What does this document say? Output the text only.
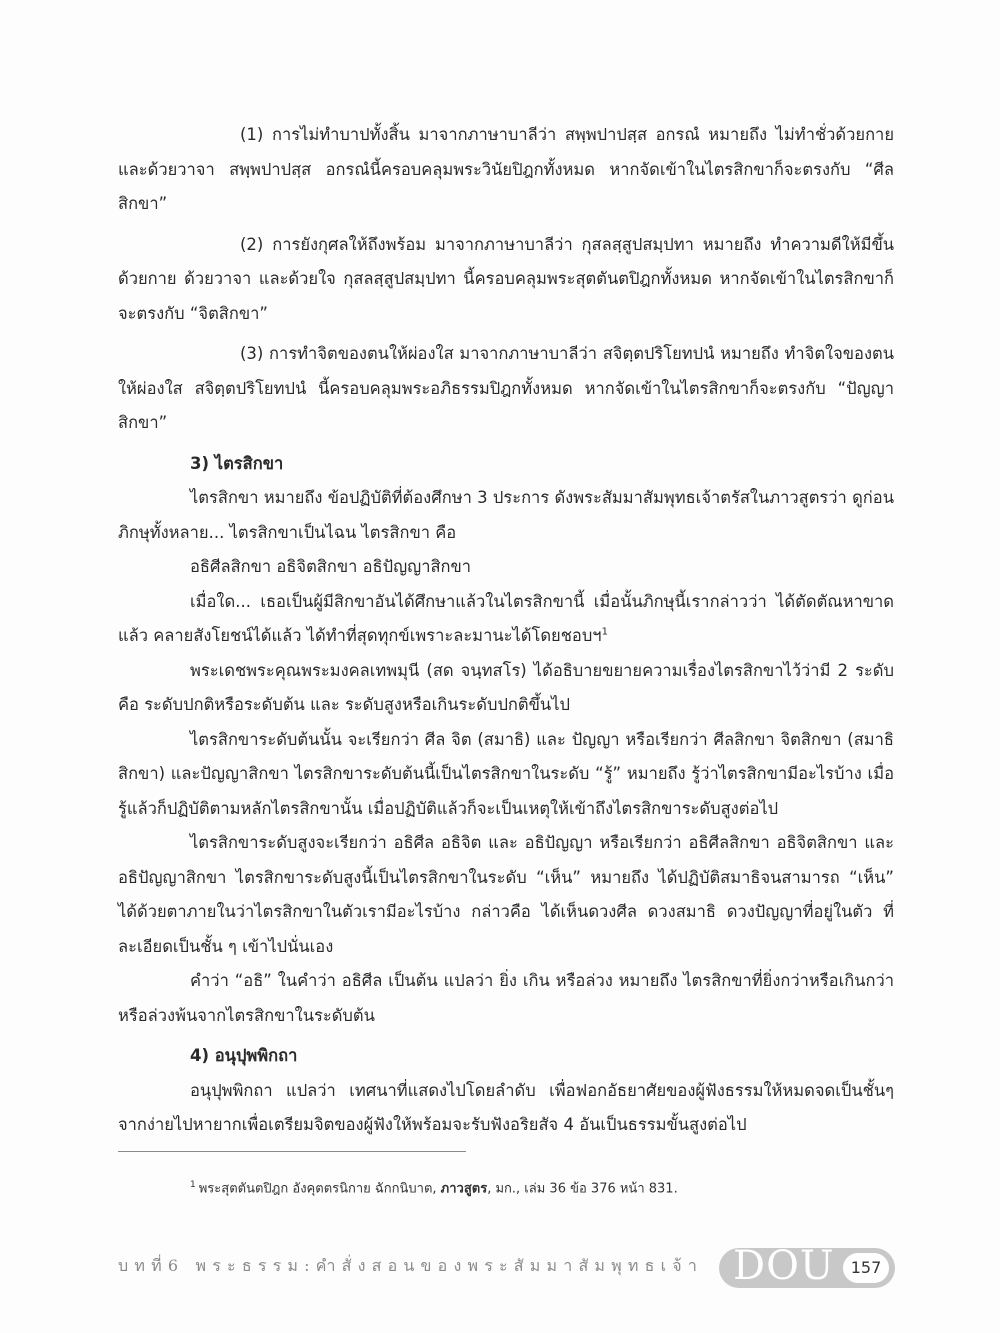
(1) การไม่ทำบาปทั้งสิ้น มาจากภาษาบาลีว่า สพฺพปาปสฺส อกรณํ หมายถึง ไม่ทำชั่วด้วยกายและด้วยวาจา สพฺพปาปสฺส อกรณํนี้ครอบคลุมพระวินัยปิฎกทั้งหมด หากจัดเข้าในไตรสิกขาก็จะตรงกับ “ศีลสิกขา”

(2) การยังกุศลให้ถึงพร้อม มาจากภาษาบาลีว่า กุสลสฺสูปสมฺปทา หมายถึง ทำความดีให้มีขึ้นด้วยกาย ด้วยวาจา และด้วยใจ กุสลสฺสูปสมฺปทา นี้ครอบคลุมพระสุตตันตปิฎกทั้งหมด หากจัดเข้าในไตรสิกขาก็จะตรงกับ “จิตสิกขา”

(3) การทำจิตของตนให้ผ่องใส มาจากภาษาบาลีว่า สจิตฺตปริโยทปนํ หมายถึง ทำจิตใจของตนให้ผ่องใส สจิตฺตปริโยทปนํ นี้ครอบคลุมพระอภิธรรมปิฎกทั้งหมด หากจัดเข้าในไตรสิกขาก็จะตรงกับ “ปัญญาสิกขา”

3) ไตรสิกขา

ไตรสิกขา หมายถึง ข้อปฏิบัติที่ต้องศึกษา 3 ประการ ดังพระสัมมาสัมพุทธเจ้าตรัสในภาวสูตรว่า ดูก่อนภิกษุทั้งหลาย... ไตรสิกขาเป็นไฉน ไตรสิกขา คือ

อธิศีลสิกขา อธิจิตสิกขา อธิปัญญาสิกขา

เมื่อใด... เธอเป็นผู้มีสิกขาอันได้ศึกษาแล้วในไตรสิกขานี้ เมื่อนั้นภิกษุนี้เรากล่าวว่า ได้ตัดตัณหาขาดแล้ว คลายสังโยชน์ได้แล้ว ได้ทำที่สุดทุกข์เพราะละมานะได้โดยชอบฯ$^1$

พระเดชพระคุณพระมงคลเทพมุนี (สด จนฺทสโร) ได้อธิบายขยายความเรื่องไตรสิกขาไว้ว่ามี 2 ระดับ คือ ระดับปกติหรือระดับต้น และ ระดับสูงหรือเกินระดับปกติขึ้นไป

ไตรสิกขาระดับต้นนั้น จะเรียกว่า ศีล จิต (สมาธิ) และ ปัญญา หรือเรียกว่า ศีลสิกขา จิตสิกขา (สมาธิสิกขา) และปัญญาสิกขา ไตรสิกขาระดับต้นนี้เป็นไตรสิกขาในระดับ “รู้” หมายถึง รู้ว่าไตรสิกขามีอะไรบ้าง เมื่อรู้แล้วก็ปฏิบัติตามหลักไตรสิกขานั้น เมื่อปฏิบัติแล้วก็จะเป็นเหตุให้เข้าถึงไตรสิกขาระดับสูงต่อไป

ไตรสิกขาระดับสูงจะเรียกว่า อธิศีล อธิจิต และ อธิปัญญา หรือเรียกว่า อธิศีลสิกขา อธิจิตสิกขา และอธิปัญญาสิกขา ไตรสิกขาระดับสูงนี้เป็นไตรสิกขาในระดับ “เห็น” หมายถึง ได้ปฏิบัติสมาธิจนสามารถ “เห็น” ได้ด้วยตาภายในว่าไตรสิกขาในตัวเรามีอะไรบ้าง กล่าวคือ ได้เห็นดวงศีล ดวงสมาธิ ดวงปัญญาที่อยู่ในตัว ที่ละเอียดเป็นชั้น ๆ เข้าไปนั่นเอง

คำว่า “อธิ” ในคำว่า อธิศีล เป็นต้น แปลว่า ยิ่ง เกิน หรือล่วง หมายถึง ไตรสิกขาที่ยิ่งกว่าหรือเกินกว่าหรือล่วงพ้นจากไตรสิกขาในระดับต้น

4) อนุปุพพิกถา

อนุปุพพิกถา แปลว่า เทศนาที่แสดงไปโดยลำดับ เพื่อฟอกอัธยาศัยของผู้ฟังธรรมให้หมดจดเป็นชั้นๆ จากง่ายไปหายากเพื่อเตรียมจิตของผู้ฟังให้พร้อมจะรับฟังอริยสัจ 4 อันเป็นธรรมขั้นสูงต่อไป

$^1$ พระสุตตันตปิฎก อังคุตตรนิกาย ฉักกนิบาต, ภาวสูตร, มก., เล่ม 36 ข้อ 376 หน้า 831.
บทที่6 พระธรรม:คำสั่งสอนของพระสัมมาสัมพุทธเจ้า DOU	157
